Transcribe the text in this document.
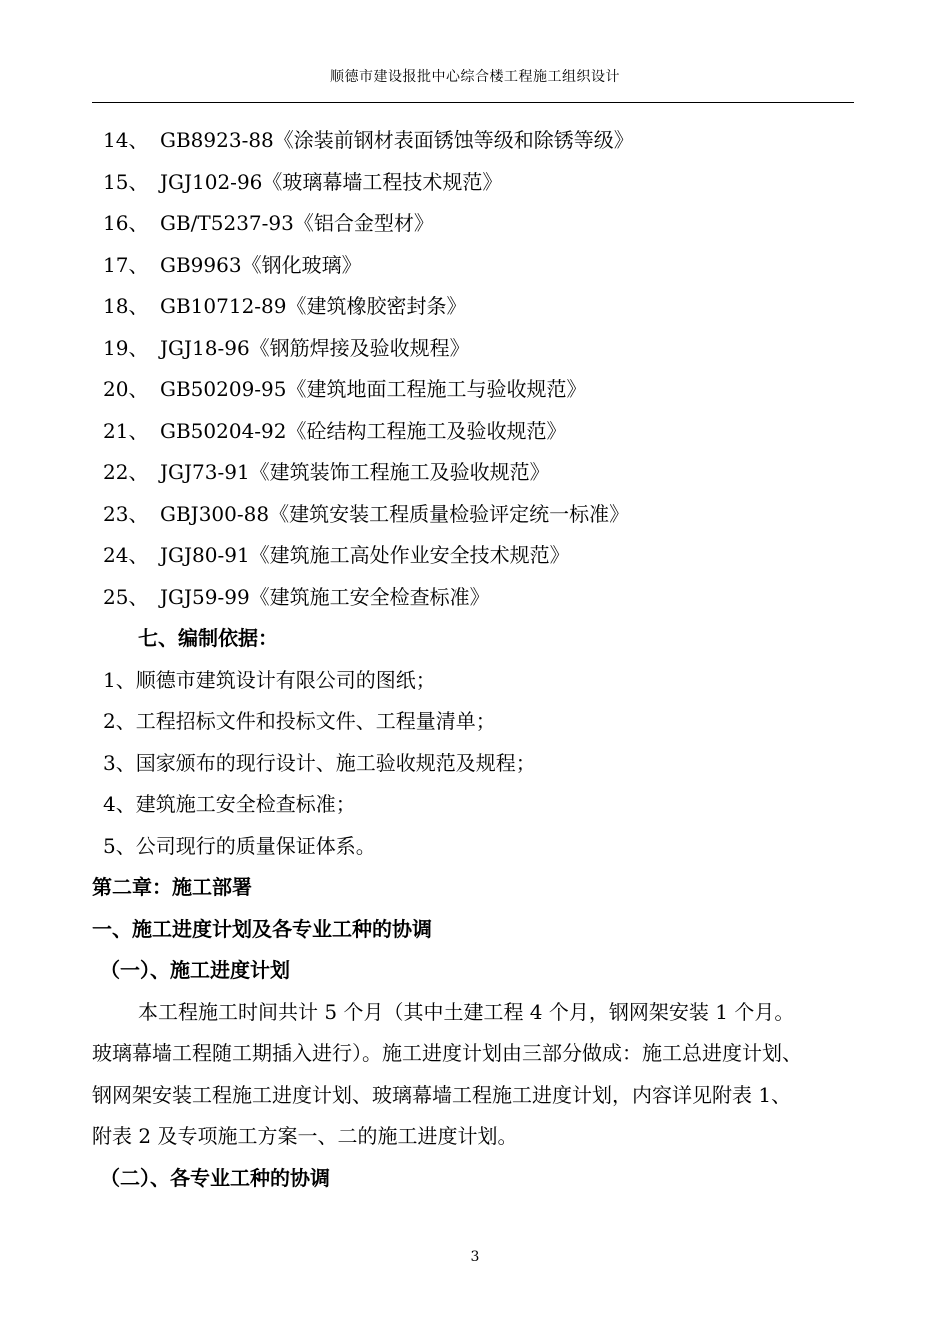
顺德市建设报批中心综合楼工程施工组织设计
14、 GB8923-88《涂装前钢材表面锈蚀等级和除锈等级》
15、 JGJ102-96《玻璃幕墙工程技术规范》
16、 GB/T5237-93《铝合金型材》
17、 GB9963《钢化玻璃》
18、 GB10712-89《建筑橡胶密封条》
19、 JGJ18-96《钢筋焊接及验收规程》
20、 GB50209-95《建筑地面工程施工与验收规范》
21、 GB50204-92《砼结构工程施工及验收规范》
22、 JGJ73-91《建筑装饰工程施工及验收规范》
23、 GBJ300-88《建筑安装工程质量检验评定统一标准》
24、 JGJ80-91《建筑施工高处作业安全技术规范》
25、 JGJ59-99《建筑施工安全检查标准》
七、编制依据：
1、顺德市建筑设计有限公司的图纸；
2、工程招标文件和投标文件、工程量清单；
3、国家颁布的现行设计、施工验收规范及规程；
4、建筑施工安全检查标准；
5、公司现行的质量保证体系。
第二章：施工部署
一、施工进度计划及各专业工种的协调
（一）、施工进度计划
本工程施工时间共计 5 个月（其中土建工程 4 个月，钢网架安装 1 个月。
玻璃幕墙工程随工期插入进行）。施工进度计划由三部分做成：施工总进度计划、
钢网架安装工程施工进度计划、玻璃幕墙工程施工进度计划，内容详见附表 1、
附表 2 及专项施工方案一、二的施工进度计划。
（二）、各专业工种的协调
3
